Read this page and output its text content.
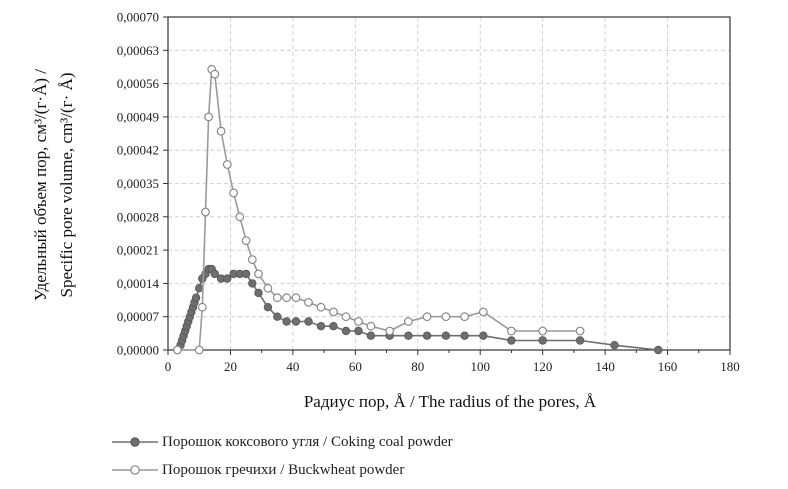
0	20	40	60	80	100	120	140	160	180
0,00000
0,00007
0,00014
0,00021
0,00028
0,00035
0,00042
0,00049
0,00056
0,00063
0,00070
Радиус пор, Å / The radius of the pores, Å
Удельный объем пор, см³/(г·Å) / Specific pore volume, cm³/(г· Å)
Порошок коксового угля / Coking coal powder
Порошок гречихи / Buckwheat powder
